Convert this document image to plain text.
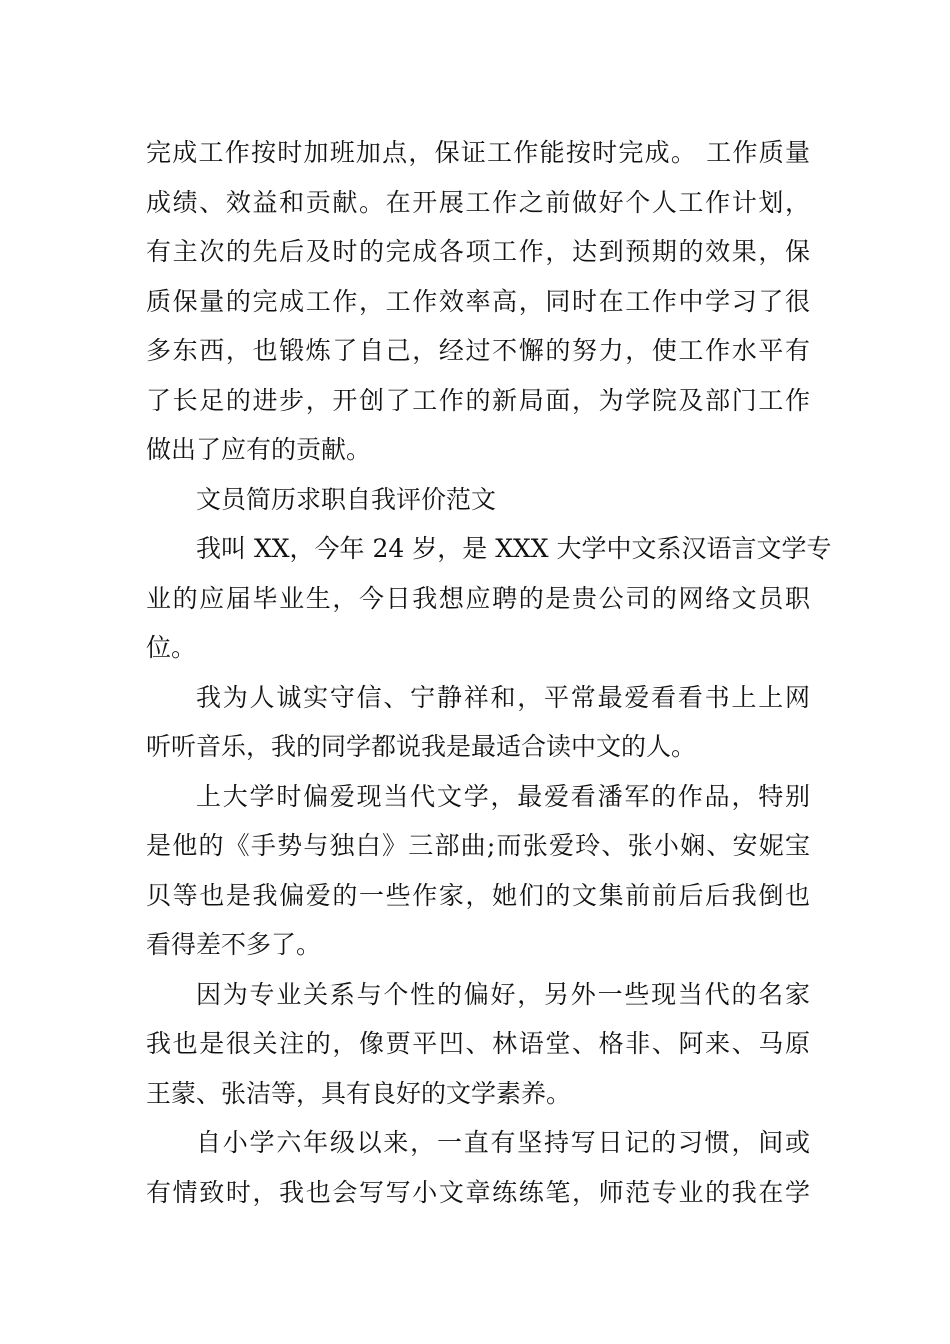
完成工作按时加班加点，保证工作能按时完成。 工作质量
成绩、效益和贡献。在开展工作之前做好个人工作计划，
有主次的先后及时的完成各项工作，达到预期的效果，保
质保量的完成工作，工作效率高，同时在工作中学习了很
多东西，也锻炼了自己，经过不懈的努力，使工作水平有
了长足的进步，开创了工作的新局面，为学院及部门工作
做出了应有的贡献。
文员简历求职自我评价范文
我叫 XX，今年 24 岁，是 XXX 大学中文系汉语言文学专
业的应届毕业生，今日我想应聘的是贵公司的网络文员职
位。
我为人诚实守信、宁静祥和，平常最爱看看书上上网
听听音乐，我的同学都说我是最适合读中文的人。
上大学时偏爱现当代文学，最爱看潘军的作品，特别
是他的《手势与独白》三部曲;而张爱玲、张小娴、安妮宝
贝等也是我偏爱的一些作家，她们的文集前前后后我倒也
看得差不多了。
因为专业关系与个性的偏好，另外一些现当代的名家
我也是很关注的，像贾平凹、林语堂、格非、阿来、马原
王蒙、张洁等，具有良好的文学素养。
自小学六年级以来，一直有坚持写日记的习惯，间或
有情致时，我也会写写小文章练练笔，师范专业的我在学
